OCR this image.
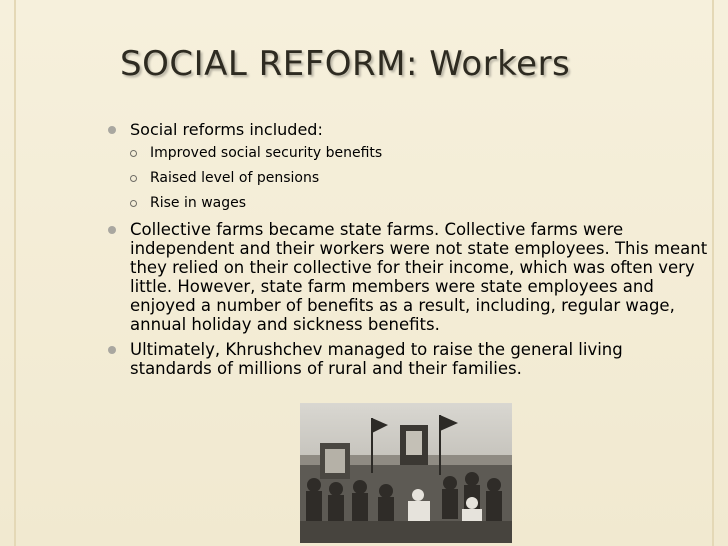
SOCIAL REFORM: Workers
Social reforms included:
Improved social security benefits
Raised level of pensions
Rise in wages
Collective farms became state farms. Collective farms were independent and their workers were not state employees. This meant they relied on their collective for their income, which was often very little. However, state farm members were state employees and enjoyed a number of benefits as a result, including, regular wage, annual holiday and sickness benefits.
Ultimately, Khrushchev managed to raise the general living standards of millions of rural and their families.
